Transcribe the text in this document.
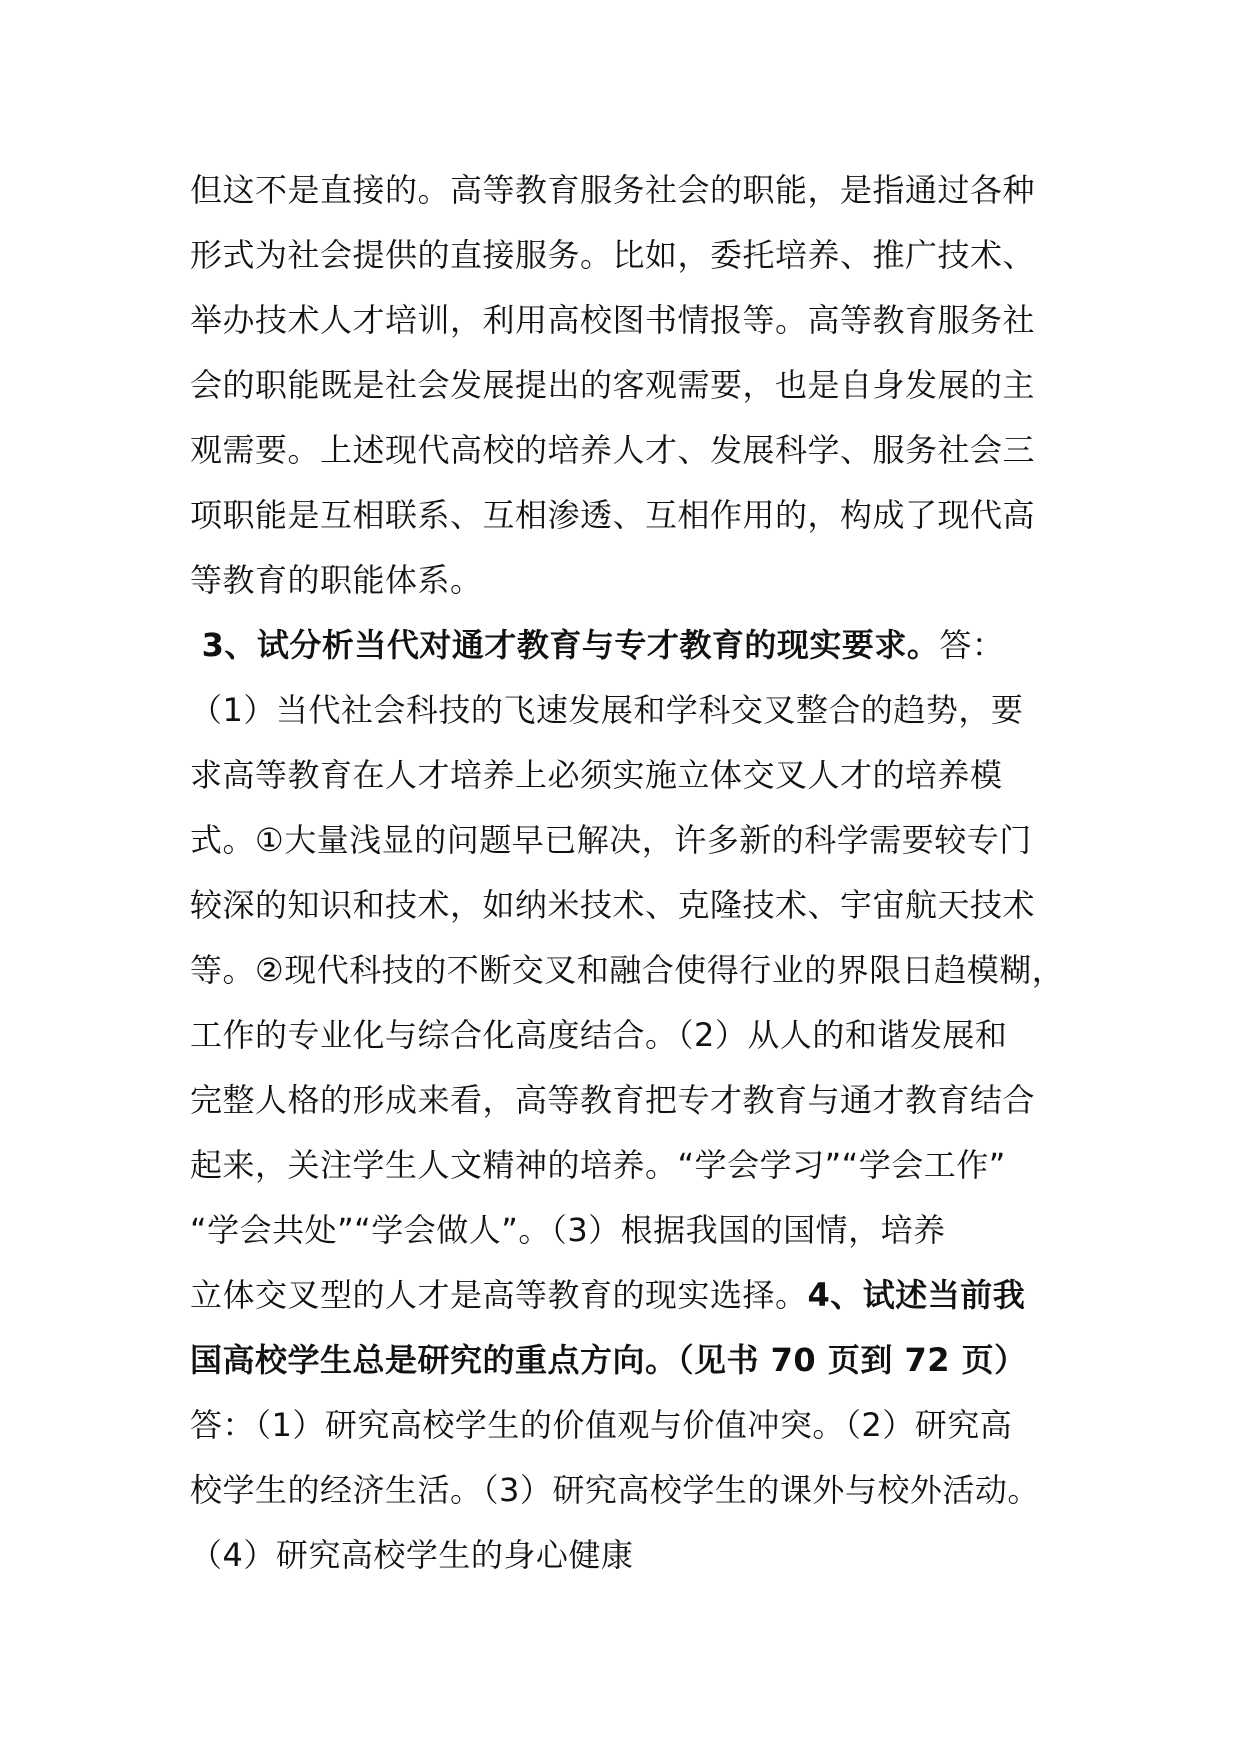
但这不是直接的。高等教育服务社会的职能，是指通过各种
形式为社会提供的直接服务。比如，委托培养、推广技术、
举办技术人才培训，利用高校图书情报等。高等教育服务社
会的职能既是社会发展提出的客观需要，也是自身发展的主
观需要。上述现代高校的培养人才、发展科学、服务社会三
项职能是互相联系、互相渗透、互相作用的，构成了现代高
等教育的职能体系。
3、试分析当代对通才教育与专才教育的现实要求。答：
（1）当代社会科技的飞速发展和学科交叉整合的趋势，要
求高等教育在人才培养上必须实施立体交叉人才的培养模
式。①大量浅显的问题早已解决，许多新的科学需要较专门
较深的知识和技术，如纳米技术、克隆技术、宇宙航天技术
等。②现代科技的不断交叉和融合使得行业的界限日趋模糊，
工作的专业化与综合化高度结合。（2）从人的和谐发展和
完整人格的形成来看，高等教育把专才教育与通才教育结合
起来，关注学生人文精神的培养。“学会学习”“学会工作”
“学会共处”“学会做人”。（3）根据我国的国情，培养
立体交叉型的人才是高等教育的现实选择。4、试述当前我
国高校学生总是研究的重点方向。（见书 70 页到 72 页）
答：（1）研究高校学生的价值观与价值冲突。（2）研究高
校学生的经济生活。（3）研究高校学生的课外与校外活动。
（4）研究高校学生的身心健康
